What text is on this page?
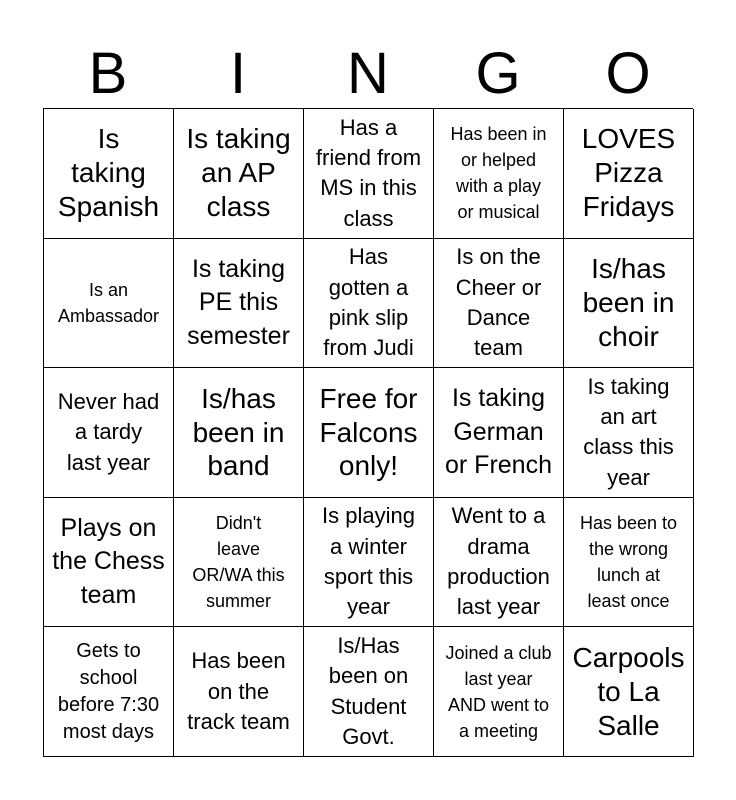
B	I	N	G	O
Is
taking
Spanish
Is taking
an AP
class
Has a
friend from
MS in this
class
Has been in
or helped
with a play
or musical
LOVES
Pizza
Fridays
Is an
Ambassador
Is taking
PE this
semester
Has
gotten a
pink slip
from Judi
Is on the
Cheer or
Dance
team
Is/has
been in
choir
Never had
a tardy
last year
Is/has
been in
band
Free for
Falcons
only!
Is taking
German
or French
Is taking
an art
class this
year
Plays on
the Chess
team
Didn't
leave
OR/WA this
summer
Is playing
a winter
sport this
year
Went to a
drama
production
last year
Has been to
the wrong
lunch at
least once
Gets to
school
before 7:30
most days
Has been
on the
track team
Is/Has
been on
Student
Govt.
Joined a club
last year
AND went to
a meeting
Carpools
to La
Salle
